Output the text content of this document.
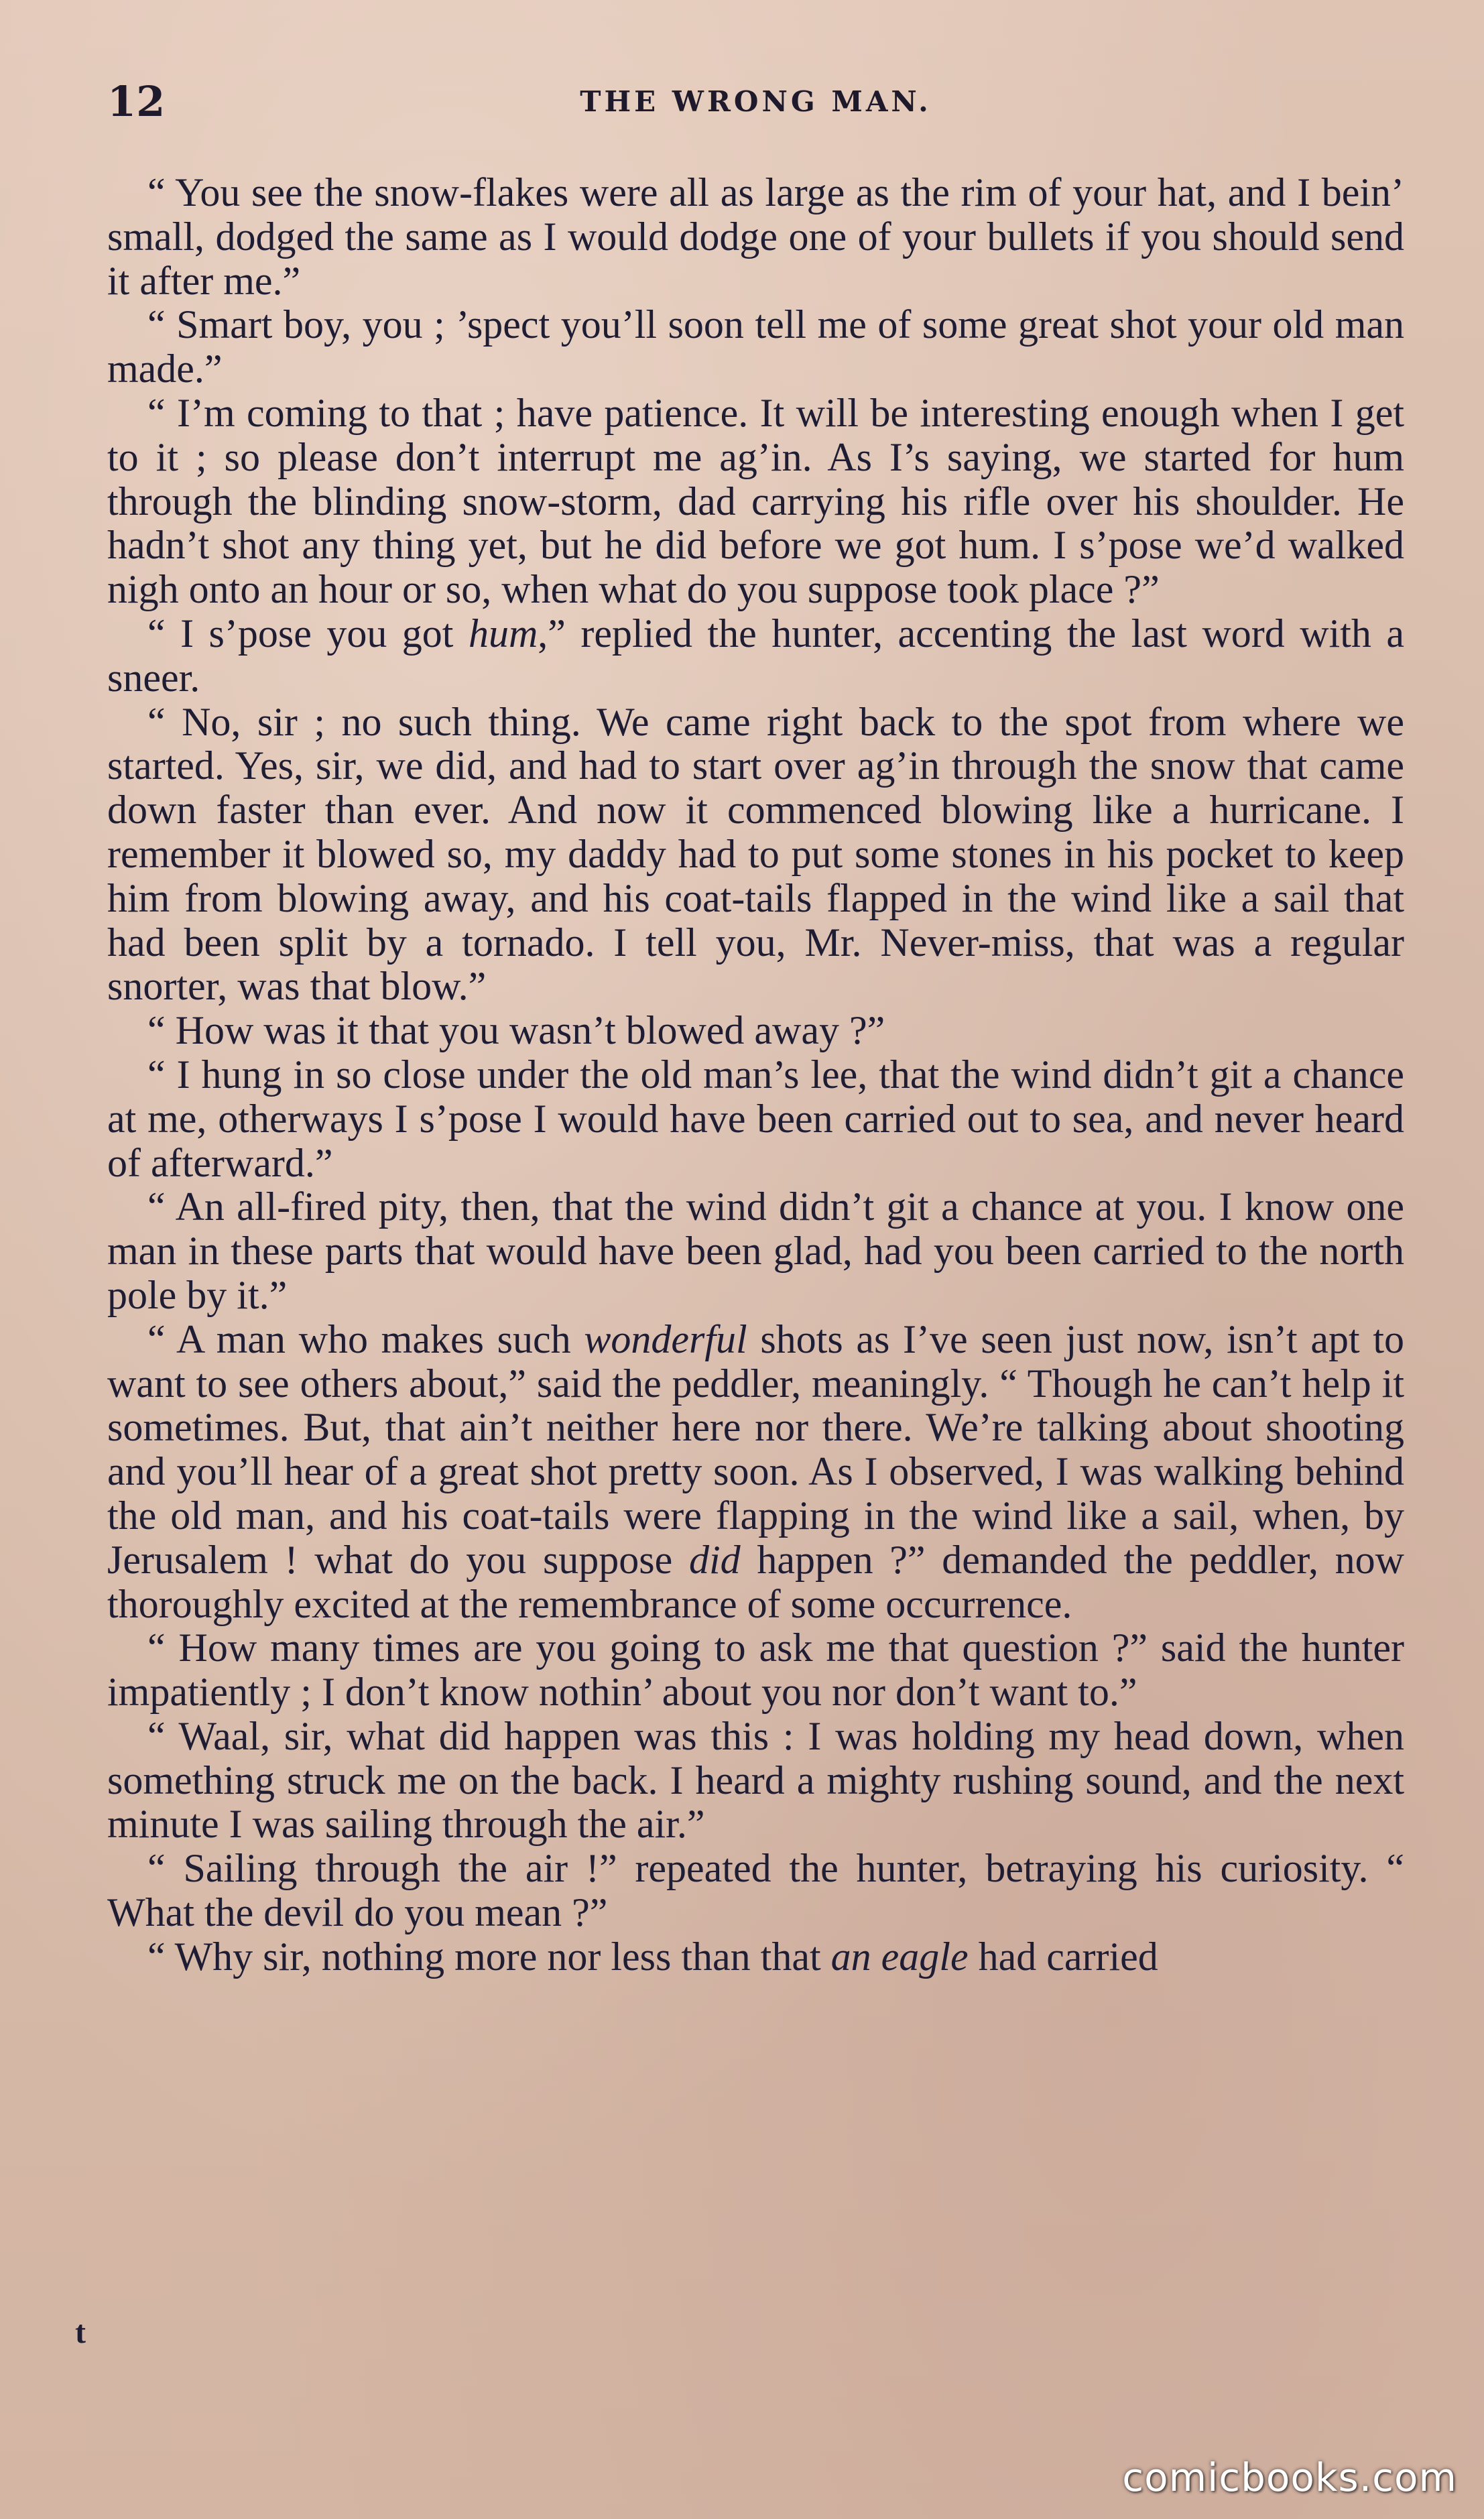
12	THE WRONG MAN.

“ You see the snow-flakes were all as large as the rim of your hat, and I bein’ small, dodged the same as I would dodge one of your bullets if you should send it after me.”

“ Smart boy, you ; ’spect you’ll soon tell me of some great shot your old man made.”

“ I’m coming to that ; have patience. It will be interesting enough when I get to it ; so please don’t interrupt me ag’in. As I’s saying, we started for hum through the blinding snow-storm, dad carrying his rifle over his shoulder. He hadn’t shot any thing yet, but he did before we got hum. I s’pose we’d walked nigh onto an hour or so, when what do you suppose took place ?”

“ I s’pose you got hum,” replied the hunter, accenting the last word with a sneer.

“ No, sir ; no such thing. We came right back to the spot from where we started. Yes, sir, we did, and had to start over ag’in through the snow that came down faster than ever. And now it commenced blowing like a hurricane. I remember it blowed so, my daddy had to put some stones in his pocket to keep him from blowing away, and his coat-tails flapped in the wind like a sail that had been split by a tornado. I tell you, Mr. Never-miss, that was a regular snorter, was that blow.”

“ How was it that you wasn’t blowed away ?”

“ I hung in so close under the old man’s lee, that the wind didn’t git a chance at me, otherways I s’pose I would have been carried out to sea, and never heard of afterward.”

“ An all-fired pity, then, that the wind didn’t git a chance at you. I know one man in these parts that would have been glad, had you been carried to the north pole by it.”

“ A man who makes such wonderful shots as I’ve seen just now, isn’t apt to want to see others about,” said the peddler, meaningly. “ Though he can’t help it sometimes. But, that ain’t neither here nor there. We’re talking about shooting and you’ll hear of a great shot pretty soon. As I observed, I was walking behind the old man, and his coat-tails were flapping in the wind like a sail, when, by Jerusalem ! what do you suppose did happen ?” demanded the peddler, now thoroughly excited at the remembrance of some occurrence.

“ How many times are you going to ask me that question ?” said the hunter impatiently ; I don’t know nothin’ about you nor don’t want to.”

“ Waal, sir, what did happen was this : I was holding my head down, when something struck me on the back. I heard a mighty rushing sound, and the next minute I was sailing through the air.”

“ Sailing through the air !” repeated the hunter, betraying his curiosity. “ What the devil do you mean ?”

“ Why sir, nothing more nor less than that an eagle had carried

t
comicbooks.com
